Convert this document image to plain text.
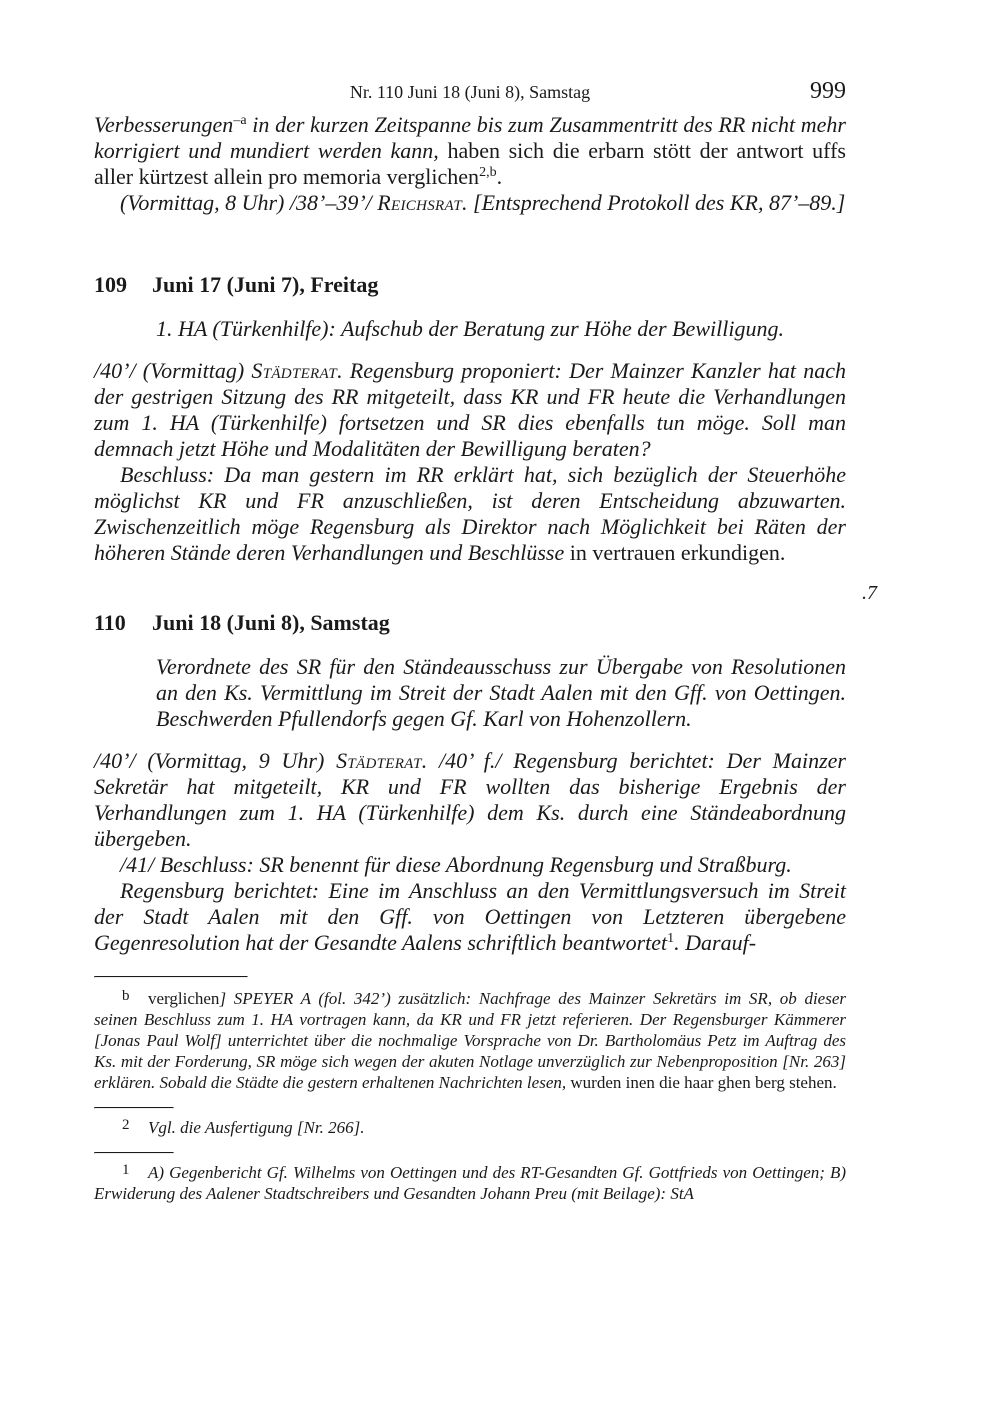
Nr. 110 Juni 18 (Juni 8), Samstag	999

Verbesserungen$^{-a}$ in der kurzen Zeitspanne bis zum Zusammentritt des RR nicht mehr korrigiert und mundiert werden kann, haben sich die erbarn stött der antwort uffs aller kürtzest allein pro memoria verglichen$^{2,b}$.

(Vormittag, 8 Uhr) /38’–39’/ Reichsrat. [Entsprechend Protokoll des KR, 87’–89.]

109 Juni 17 (Juni 7), Freitag

1. HA (Türkenhilfe): Aufschub der Beratung zur Höhe der Bewilligung.

/40’/ (Vormittag) Städterat. Regensburg proponiert: Der Mainzer Kanzler hat nach der gestrigen Sitzung des RR mitgeteilt, dass KR und FR heute die Verhandlungen zum 1. HA (Türkenhilfe) fortsetzen und SR dies ebenfalls tun möge. Soll man demnach jetzt Höhe und Modalitäten der Bewilligung beraten?

Beschluss: Da man gestern im RR erklärt hat, sich bezüglich der Steuerhöhe möglichst KR und FR anzuschließen, ist deren Entscheidung abzuwarten. Zwischenzeitlich möge Regensburg als Direktor nach Möglichkeit bei Räten der höheren Stände deren Verhandlungen und Beschlüsse in vertrauen erkundigen.

110 Juni 18 (Juni 8), Samstag

Verordnete des SR für den Ständeausschuss zur Übergabe von Resolutionen an den Ks. Vermittlung im Streit der Stadt Aalen mit den Gff. von Oettingen. Beschwerden Pfullendorfs gegen Gf. Karl von Hohenzollern.

/40’/ (Vormittag, 9 Uhr) Städterat. /40’ f./ Regensburg berichtet: Der Mainzer Sekretär hat mitgeteilt, KR und FR wollten das bisherige Ergebnis der Verhandlungen zum 1. HA (Türkenhilfe) dem Ks. durch eine Ständeabordnung übergeben.

/41/ Beschluss: SR benennt für diese Abordnung Regensburg und Straßburg.

Regensburg berichtet: Eine im Anschluss an den Vermittlungsversuch im Streit der Stadt Aalen mit den Gff. von Oettingen von Letzteren übergebene Gegenresolution hat der Gesandte Aalens schriftlich beantwortet$^1$. Darauf-

b verglichen] SPEYER A (fol. 342’) zusätzlich: Nachfrage des Mainzer Sekretärs im SR, ob dieser seinen Beschluss zum 1. HA vortragen kann, da KR und FR jetzt referieren. Der Regensburger Kämmerer [Jonas Paul Wolf] unterrichtet über die nochmalige Vorsprache von Dr. Bartholomäus Petz im Auftrag des Ks. mit der Forderung, SR möge sich wegen der akuten Notlage unverzüglich zur Nebenproposition [Nr. 263] erklären. Sobald die Städte die gestern erhaltenen Nachrichten lesen, wurden inen die haar ghen berg stehen.

2 Vgl. die Ausfertigung [Nr. 266].

1 A) Gegenbericht Gf. Wilhelms von Oettingen und des RT-Gesandten Gf. Gottfrieds von Oettingen; B) Erwiderung des Aalener Stadtschreibers und Gesandten Johann Preu (mit Beilage): StA

.7
